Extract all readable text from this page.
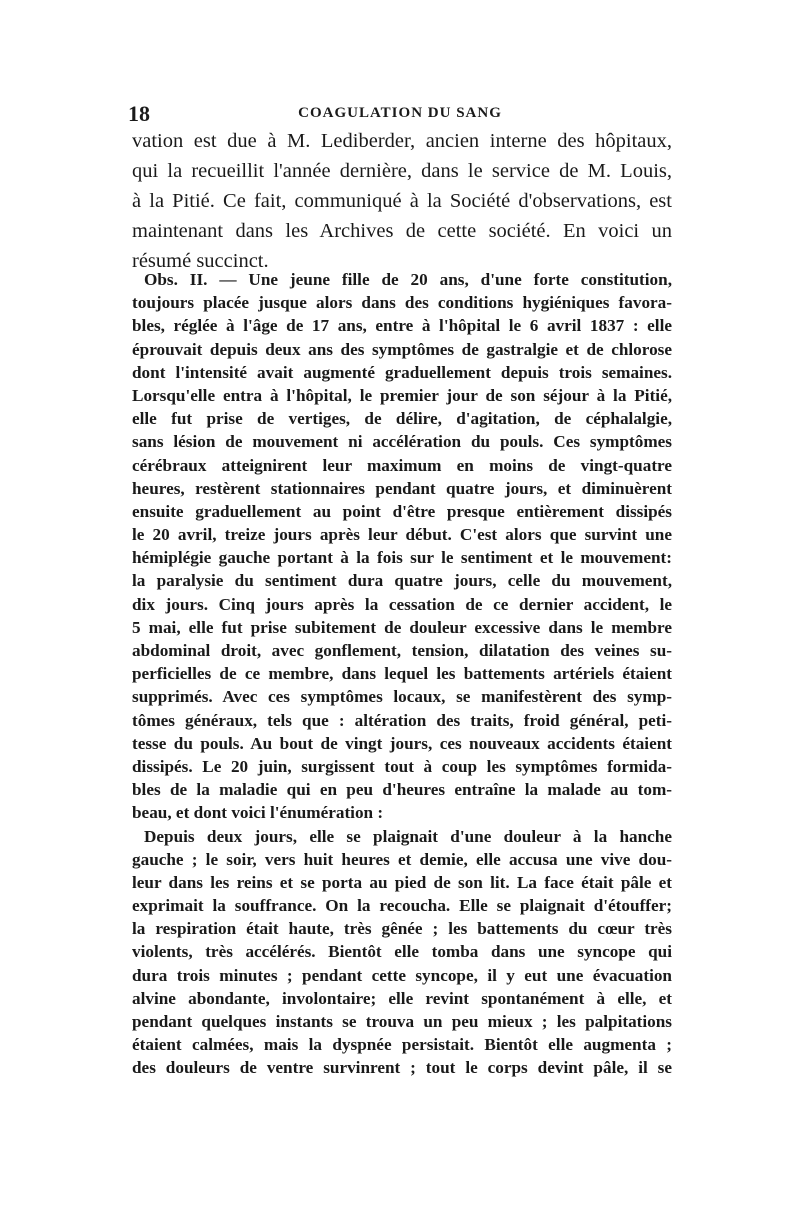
18	COAGULATION DU SANG
vation est due à M. Lediberder, ancien interne des hôpitaux,
qui la recueillit l'année dernière, dans le service de M. Louis,
à la Pitié. Ce fait, communiqué à la Société d'observations, est
maintenant dans les Archives de cette société. En voici un
résumé succinct.
Obs. II. — Une jeune fille de 20 ans, d'une forte constitution,
toujours placée jusque alors dans des conditions hygiéniques favora-
bles, réglée à l'âge de 17 ans, entre à l'hôpital le 6 avril 1837 : elle
éprouvait depuis deux ans des symptômes de gastralgie et de chlorose
dont l'intensité avait augmenté graduellement depuis trois semaines.
Lorsqu'elle entra à l'hôpital, le premier jour de son séjour à la Pitié,
elle fut prise de vertiges, de délire, d'agitation, de céphalalgie,
sans lésion de mouvement ni accélération du pouls. Ces symptômes
cérébraux atteignirent leur maximum en moins de vingt-quatre
heures, restèrent stationnaires pendant quatre jours, et diminuèrent
ensuite graduellement au point d'être presque entièrement dissipés
le 20 avril, treize jours après leur début. C'est alors que survint une
hémiplégie gauche portant à la fois sur le sentiment et le mouvement:
la paralysie du sentiment dura quatre jours, celle du mouvement,
dix jours. Cinq jours après la cessation de ce dernier accident, le
5 mai, elle fut prise subitement de douleur excessive dans le membre
abdominal droit, avec gonflement, tension, dilatation des veines su-
perficielles de ce membre, dans lequel les battements artériels étaient
supprimés. Avec ces symptômes locaux, se manifestèrent des symp-
tômes généraux, tels que : altération des traits, froid général, peti-
tesse du pouls. Au bout de vingt jours, ces nouveaux accidents étaient
dissipés. Le 20 juin, surgissent tout à coup les symptômes formida-
bles de la maladie qui en peu d'heures entraîne la malade au tom-
beau, et dont voici l'énumération :
Depuis deux jours, elle se plaignait d'une douleur à la hanche
gauche ; le soir, vers huit heures et demie, elle accusa une vive dou-
leur dans les reins et se porta au pied de son lit. La face était pâle et
exprimait la souffrance. On la recoucha. Elle se plaignait d'étouffer;
la respiration était haute, très gênée ; les battements du cœur très
violents, très accélérés. Bientôt elle tomba dans une syncope qui
dura trois minutes ; pendant cette syncope, il y eut une évacuation
alvine abondante, involontaire; elle revint spontanément à elle, et
pendant quelques instants se trouva un peu mieux ; les palpitations
étaient calmées, mais la dyspnée persistait. Bientôt elle augmenta ;
des douleurs de ventre survinrent ; tout le corps devint pâle, il se
